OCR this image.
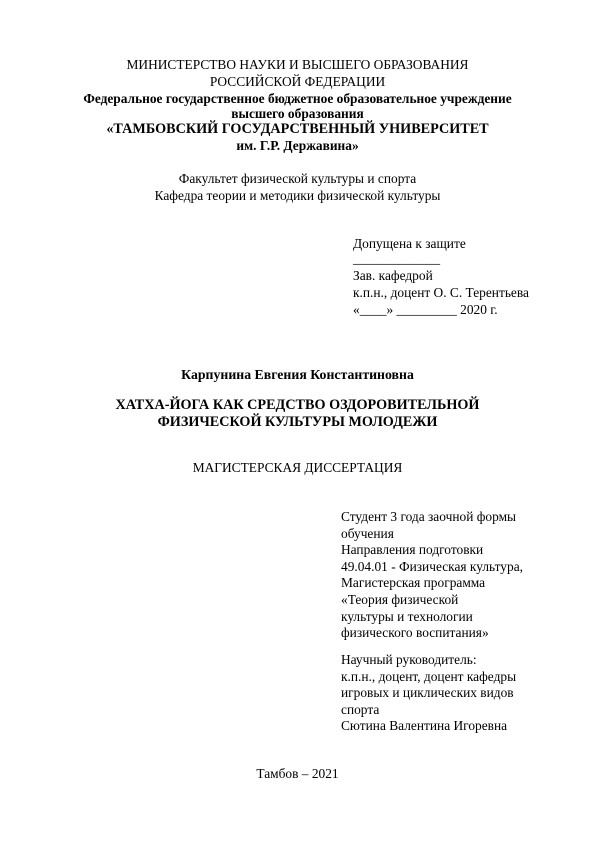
МИНИСТЕРСТВО НАУКИ И ВЫСШЕГО ОБРАЗОВАНИЯ
РОССИЙСКОЙ ФЕДЕРАЦИИ
Федеральное государственное бюджетное образовательное учреждение
высшего образования
«ТАМБОВСКИЙ ГОСУДАРСТВЕННЫЙ УНИВЕРСИТЕТ
им. Г.Р. Державина»
Факультет физической культуры и спорта
Кафедра теории и методики физической культуры
Допущена к защите
_____________
Зав. кафедрой
к.п.н., доцент О. С. Терентьева
«____» _________ 2020 г.
Карпунина Евгения Константиновна
ХАТХА-ЙОГА КАК СРЕДСТВО ОЗДОРОВИТЕЛЬНОЙ
ФИЗИЧЕСКОЙ КУЛЬТУРЫ МОЛОДЕЖИ
МАГИСТЕРСКАЯ ДИССЕРТАЦИЯ
Студент 3 года заочной формы
обучения
Направления подготовки
49.04.01 - Физическая культура,
Магистерская программа
«Теория физической
культуры и технологии
физического воспитания»
Научный руководитель:
к.п.н., доцент, доцент кафедры
игровых и циклических видов
спорта
Сютина Валентина Игоревна
Тамбов – 2021
